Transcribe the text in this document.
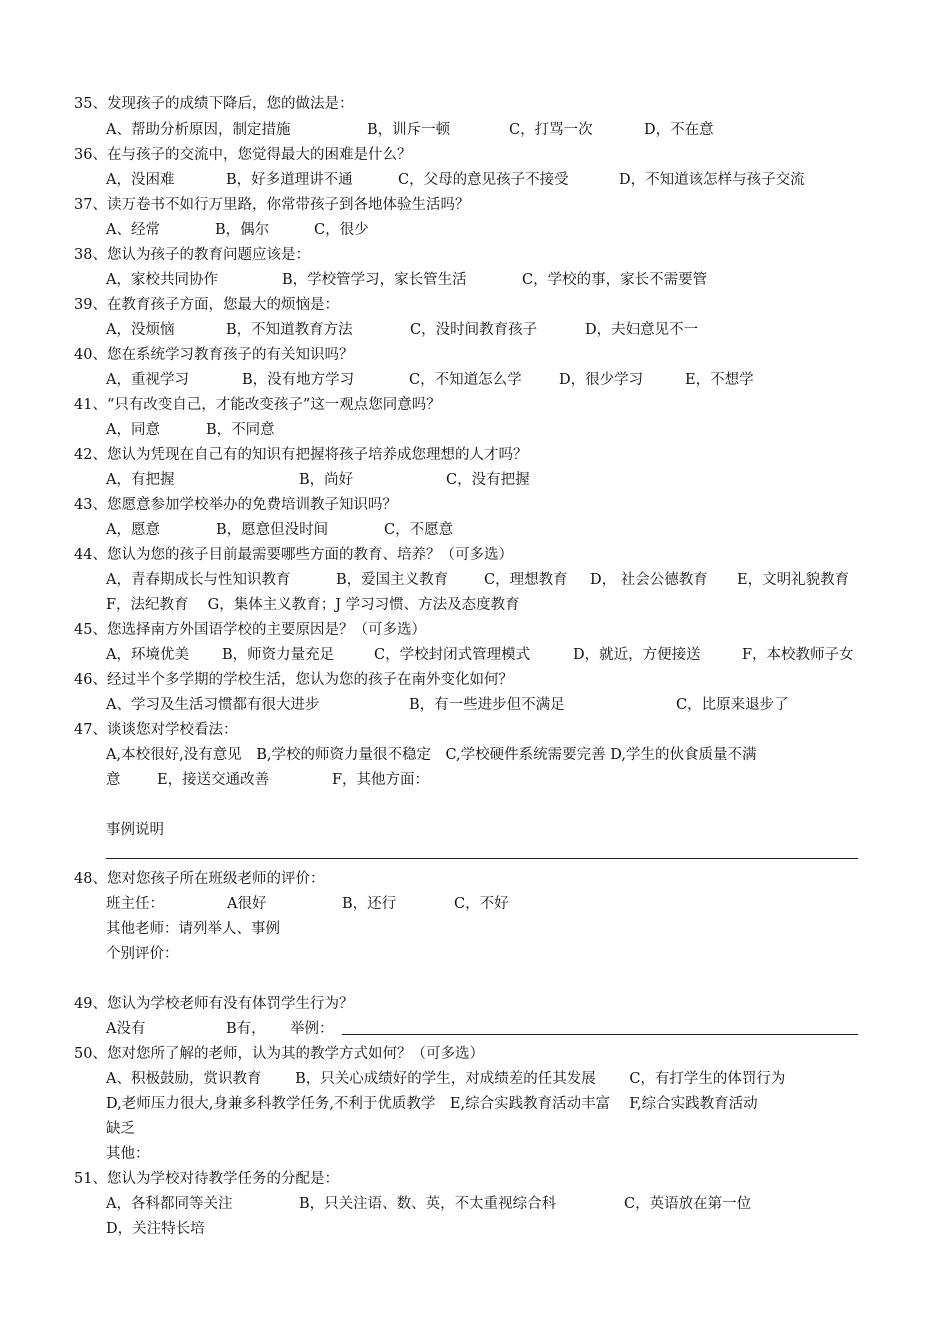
35、发现孩子的成绩下降后，您的做法是：
A、帮助分析原因，制定措施	B，训斥一顿	C，打骂一次	D，不在意
36、在与孩子的交流中，您觉得最大的困难是什么？
A，没困难	B，好多道理讲不通	C，父母的意见孩子不接受	D，不知道该怎样与孩子交流
37、读万卷书不如行万里路，你常带孩子到各地体验生活吗？
A、经常	B，偶尔	C，很少
38、您认为孩子的教育问题应该是：
A，家校共同协作	B，学校管学习，家长管生活	C，学校的事，家长不需要管
39、在教育孩子方面，您最大的烦恼是：
A，没烦恼	B，不知道教育方法	C，没时间教育孩子	D，夫妇意见不一
40、您在系统学习教育孩子的有关知识吗？
A，重视学习	B，没有地方学习	C，不知道怎么学	D，很少学习	E，不想学
41、“只有改变自己，才能改变孩子”这一观点您同意吗？
A，同意	B，不同意
42、您认为凭现在自己有的知识有把握将孩子培养成您理想的人才吗？
A，有把握	B，尚好	C，没有把握
43、您愿意参加学校举办的免费培训教子知识吗？
A，愿意	B，愿意但没时间	C，不愿意
44、您认为您的孩子目前最需要哪些方面的教育、培养？（可多选）
A，青春期成长与性知识教育	B，爱国主义教育 C，理想教育 D， 社会公德教育 E，文明礼貌教育
F，法纪教育　 G，集体主义教育；J 学习习惯、方法及态度教育
45、您选择南方外国语学校的主要原因是？（可多选）
A，环境优美 B，师资力量充足	C，学校封闭式管理模式	D，就近，方便接送	F，本校教师子女
46、经过半个多学期的学校生活，您认为您的孩子在南外变化如何？
A、学习及生活习惯都有很大进步	B，有一些进步但不满足	C，比原来退步了
47、谈谈您对学校看法：
A,本校很好,没有意见　B,学校的师资力量很不稳定　C,学校硬件系统需要完善 D,学生的伙食质量不满
意	E，接送交通改善	F，其他方面：
事例说明
48、您对您孩子所在班级老师的评价：
班主任：	A很好	B，还行	C，不好
其他老师：请列举人、事例
个别评价：
49、您认为学校老师有没有体罚学生行为？
A没有	B有， 举例：
50、您对您所了解的老师，认为其的教学方式如何？（可多选）
A、积极鼓励，赏识教育　　 B，只关心成绩好的学生，对成绩差的任其发展　　 C，有打学生的体罚行为
D,老师压力很大,身兼多科教学任务,不利于优质教学　E,综合实践教育活动丰富　 F,综合实践教育活动
缺乏
其他：
51、您认为学校对待教学任务的分配是：
A，各科都同等关注	B，只关注语、数、英，不太重视综合科	C，英语放在第一位
D，关注特长培
